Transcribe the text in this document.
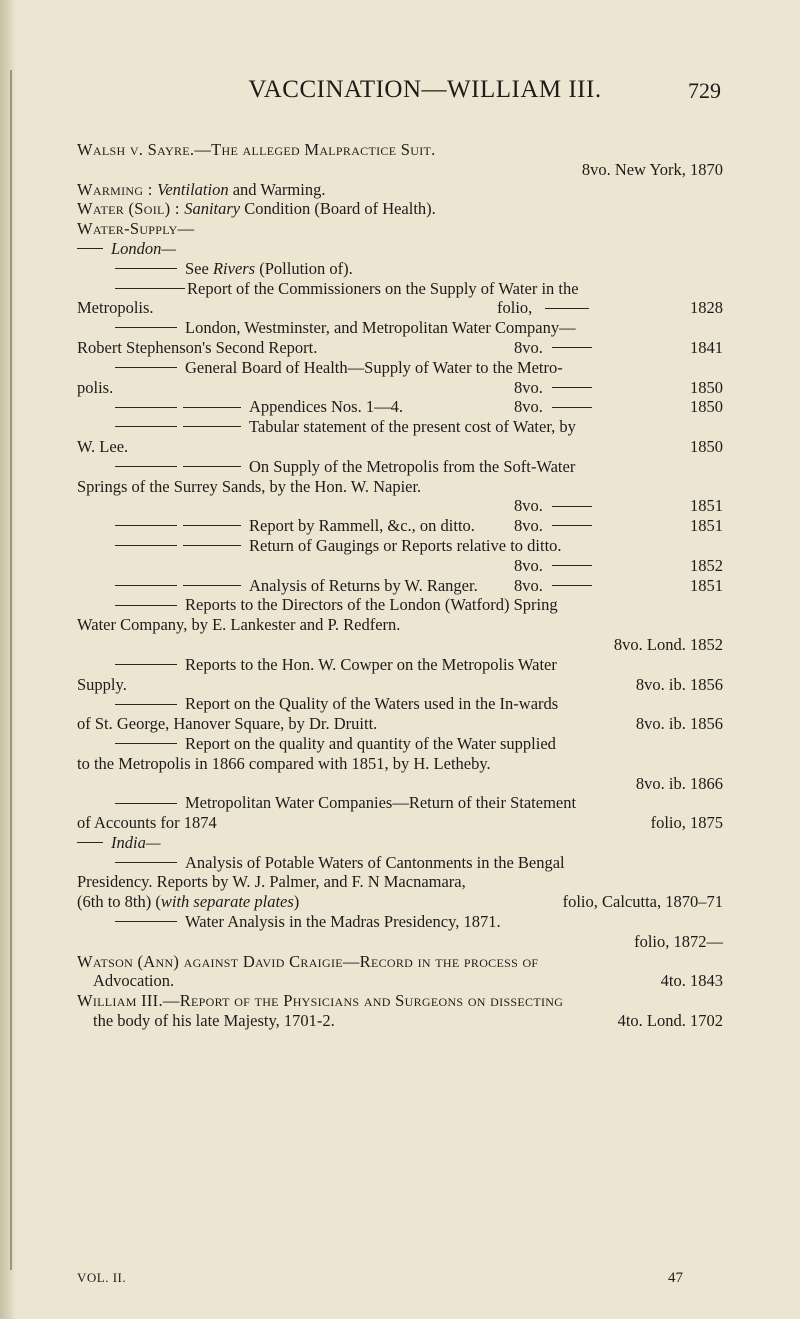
VACCINATION—WILLIAM III.	729
Walsh v. Sayre.—The alleged Malpractice Suit.
8vo. New York, 1870
Warming : Ventilation and Warming.
Water (Soil) : Sanitary Condition (Board of Health).
Water-Supply—
London—
See Rivers (Pollution of).
Report of the Commissioners on the Supply of Water in the
Metropolis.	folio,	1828
London, Westminster, and Metropolitan Water Company—
Robert Stephenson's Second Report.	8vo.	1841
General Board of Health—Supply of Water to the Metro-
polis.	8vo.	1850
Appendices Nos. 1—4.	8vo.	1850
Tabular statement of the present cost of Water, by
W. Lee.	1850
On Supply of the Metropolis from the Soft-Water
Springs of the Surrey Sands, by the Hon. W. Napier.
8vo.	1851
Report by Rammell, &c., on ditto. 8vo.	1851
Return of Gaugings or Reports relative to ditto.
8vo.	1852
Analysis of Returns by W. Ranger. 8vo.	1851
Reports to the Directors of the London (Watford) Spring
Water Company, by E. Lankester and P. Redfern.
8vo. Lond. 1852
Reports to the Hon. W. Cowper on the Metropolis Water
Supply.	8vo. ib. 1856
Report on the Quality of the Waters used in the In-wards
of St. George, Hanover Square, by Dr. Druitt.	8vo. ib. 1856
Report on the quality and quantity of the Water supplied
to the Metropolis in 1866 compared with 1851, by H. Letheby.
8vo. ib. 1866
Metropolitan Water Companies—Return of their Statement
of Accounts for 1874	folio, 1875
India—
Analysis of Potable Waters of Cantonments in the Bengal
Presidency. Reports by W. J. Palmer, and F. N Macnamara,
(6th to 8th) (with separate plates)	folio, Calcutta, 1870–71
Water Analysis in the Madras Presidency, 1871.
folio, 1872—
Watson (Ann) against David Craigie—Record in the process of
Advocation.	4to. 1843
William III.—Report of the Physicians and Surgeons on dissecting
the body of his late Majesty, 1701-2.	4to. Lond. 1702
VOL. II.	47
